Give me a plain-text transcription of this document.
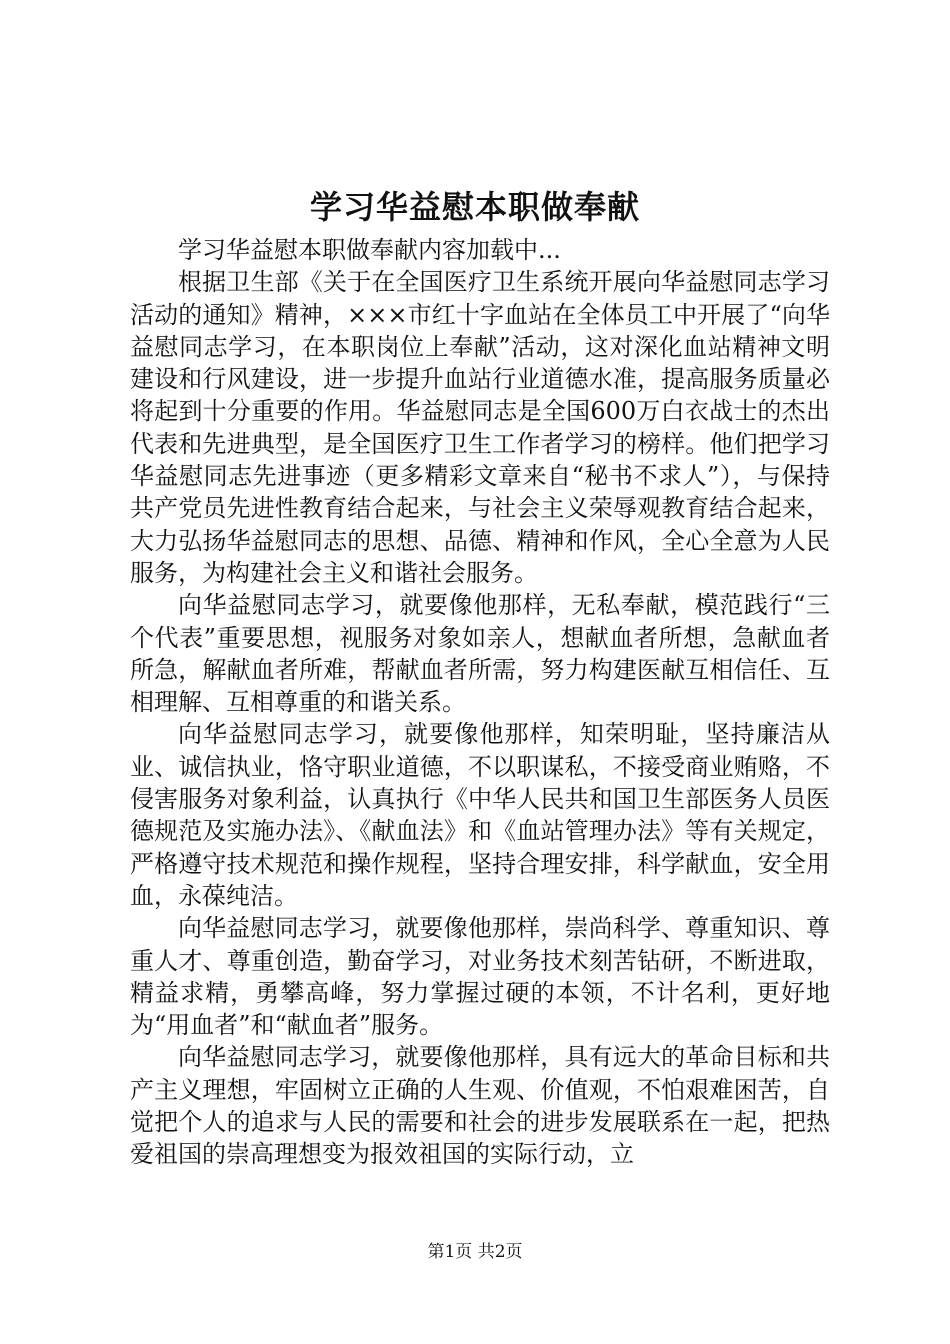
学习华益慰本职做奉献

学习华益慰本职做奉献内容加载中...

根据卫生部《关于在全国医疗卫生系统开展向华益慰同志学习活动的通知》精神，×××市红十字血站在全体员工中开展了“向华益慰同志学习，在本职岗位上奉献”活动，这对深化血站精神文明建设和行风建设，进一步提升血站行业道德水准，提高服务质量必将起到十分重要的作用。华益慰同志是全国600万白衣战士的杰出代表和先进典型，是全国医疗卫生工作者学习的榜样。他们把学习华益慰同志先进事迹（更多精彩文章来自“秘书不求人”），与保持共产党员先进性教育结合起来，与社会主义荣辱观教育结合起来，大力弘扬华益慰同志的思想、品德、精神和作风，全心全意为人民服务，为构建社会主义和谐社会服务。

向华益慰同志学习，就要像他那样，无私奉献，模范践行“三个代表”重要思想，视服务对象如亲人，想献血者所想，急献血者所急，解献血者所难，帮献血者所需，努力构建医献互相信任、互相理解、互相尊重的和谐关系。

向华益慰同志学习，就要像他那样，知荣明耻，坚持廉洁从业、诚信执业，恪守职业道德，不以职谋私，不接受商业贿赂，不侵害服务对象利益，认真执行《中华人民共和国卫生部医务人员医德规范及实施办法》、《献血法》和《血站管理办法》等有关规定，严格遵守技术规范和操作规程，坚持合理安排，科学献血，安全用血，永葆纯洁。

向华益慰同志学习，就要像他那样，崇尚科学、尊重知识、尊重人才、尊重创造，勤奋学习，对业务技术刻苦钻研，不断进取，精益求精，勇攀高峰，努力掌握过硬的本领，不计名利，更好地为“用血者”和“献血者”服务。

向华益慰同志学习，就要像他那样，具有远大的革命目标和共产主义理想，牢固树立正确的人生观、价值观，不怕艰难困苦，自觉把个人的追求与人民的需要和社会的进步发展联系在一起，把热爱祖国的崇高理想变为报效祖国的实际行动，立

第1页 共2页
